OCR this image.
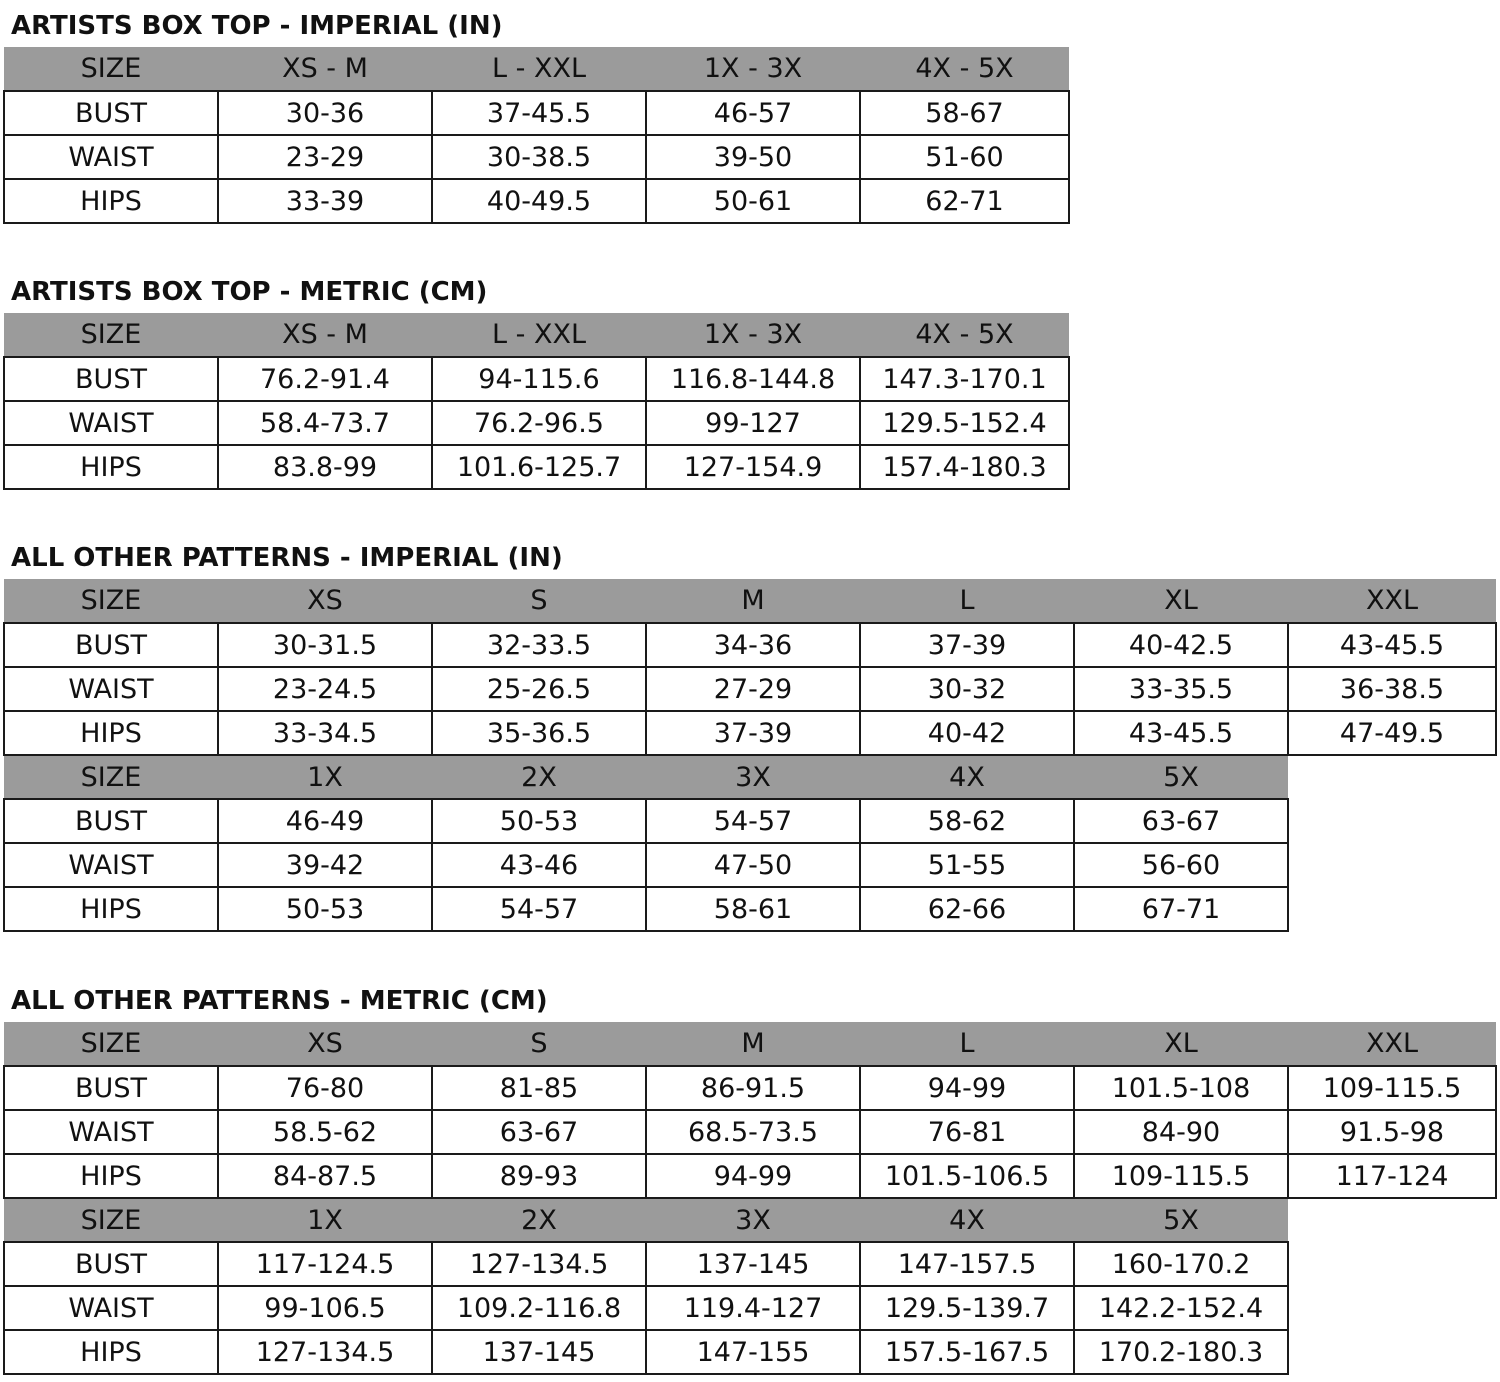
ARTISTS BOX TOP - IMPERIAL (IN)
SIZE	XS - M	L - XXL	1X - 3X	4X - 5X
BUST	30-36	37-45.5	46-57	58-67
WAIST	23-29	30-38.5	39-50	51-60
HIPS	33-39	40-49.5	50-61	62-71
ARTISTS BOX TOP - METRIC (CM)
SIZE	XS - M	L - XXL	1X - 3X	4X - 5X
BUST	76.2-91.4	94-115.6	116.8-144.8	147.3-170.1
WAIST	58.4-73.7	76.2-96.5	99-127	129.5-152.4
HIPS	83.8-99	101.6-125.7	127-154.9	157.4-180.3
ALL OTHER PATTERNS - IMPERIAL (IN)
SIZE	XS	S	M	L	XL	XXL
BUST	30-31.5	32-33.5	34-36	37-39	40-42.5	43-45.5
WAIST	23-24.5	25-26.5	27-29	30-32	33-35.5	36-38.5
HIPS	33-34.5	35-36.5	37-39	40-42	43-45.5	47-49.5
SIZE	1X	2X	3X	4X	5X	
BUST	46-49	50-53	54-57	58-62	63-67	
WAIST	39-42	43-46	47-50	51-55	56-60	
HIPS	50-53	54-57	58-61	62-66	67-71	
ALL OTHER PATTERNS - METRIC (CM)
SIZE	XS	S	M	L	XL	XXL
BUST	76-80	81-85	86-91.5	94-99	101.5-108	109-115.5
WAIST	58.5-62	63-67	68.5-73.5	76-81	84-90	91.5-98
HIPS	84-87.5	89-93	94-99	101.5-106.5	109-115.5	117-124
SIZE	1X	2X	3X	4X	5X	
BUST	117-124.5	127-134.5	137-145	147-157.5	160-170.2	
WAIST	99-106.5	109.2-116.8	119.4-127	129.5-139.7	142.2-152.4	
HIPS	127-134.5	137-145	147-155	157.5-167.5	170.2-180.3	
